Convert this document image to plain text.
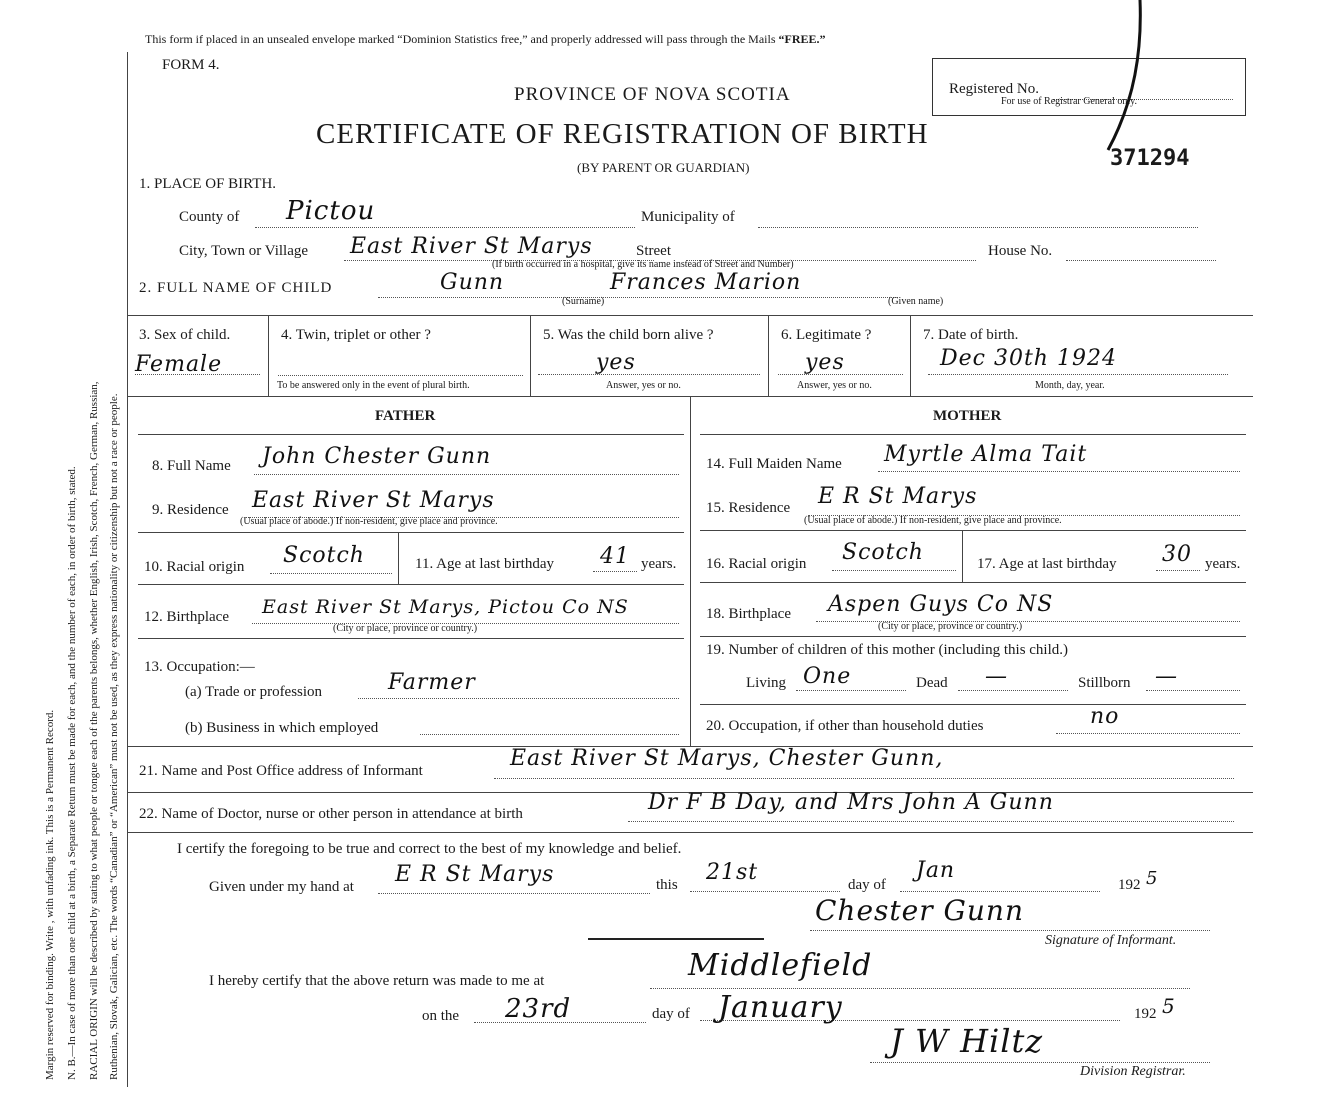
Margin reserved for binding. Write , with unfading ink. This is a Permanent Record. N. B.—In case of more than one child at a birth, a Separate Return must be made for each, and the number of each, in order of birth, stated. RACIAL ORIGIN will be described by stating to what people or tongue each of the parents belongs, whether English, Irish, Scotch, French, German, Russian, Ruthenian, Slovak, Galician, etc. The words “Canadian” or “American” must not be used, as they express nationality or citizenship but not a race or people.
This form if placed in an unsealed envelope marked “Dominion Statistics free,” and properly addressed will pass through the Mails “FREE.”
FORM 4.
PROVINCE OF NOVA SCOTIA
CERTIFICATE OF REGISTRATION OF BIRTH
(BY PARENT OR GUARDIAN)
Registered No.
For use of Registrar General only.
371294
1. PLACE OF BIRTH.
County of Pictou	Municipality of
City, Town or Village East River St Marys	Street	House No.
(If birth occurred in a hospital, give its name instead of Street and Number)
2. FULL NAME OF CHILD	Gunn	Frances Marion
(Surname)	(Given name)
3. Sex of child.
Female
4. Twin, triplet or other ?
To be answered only in the event of plural birth.
5. Was the child born alive ?
yes
Answer, yes or no.
6. Legitimate ?
yes
Answer, yes or no.
7. Date of birth.
Dec 30th 1924
Month, day, year.
FATHER	MOTHER
8. Full Name John Chester Gunn
9. Residence East River St Marys
(Usual place of abode.) If non-resident, give place and province.
10. Racial origin Scotch	11. Age at last birthday 41 years.
12. Birthplace East River St Marys, Pictou Co NS
(City or place, province or country.)
13. Occupation:—
(a) Trade or profession	Farmer
(b) Business in which employed
14. Full Maiden Name Myrtle Alma Tait
15. Residence E R St Marys
(Usual place of abode.) If non-resident, give place and province.
16. Racial origin Scotch	17. Age at last birthday 30 years.
18. Birthplace Aspen Guys Co NS
(City or place, province or country.)
19. Number of children of this mother (including this child.)
Living One	Dead —	Stillborn —
20. Occupation, if other than household duties	no
21. Name and Post Office address of Informant	East River St Marys, Chester Gunn,
22. Name of Doctor, nurse or other person in attendance at birth	Dr F B Day, and Mrs John A Gunn
I certify the foregoing to be true and correct to the best of my knowledge and belief.
Given under my hand at E R St Marys	this 21st	day of
Jan
192 5
Chester Gunn
Signature of Informant.
I hereby certify that the above return was made to me at	Middlefield
on the 23rd	day of January	192 5
J W Hiltz
Division Registrar.
